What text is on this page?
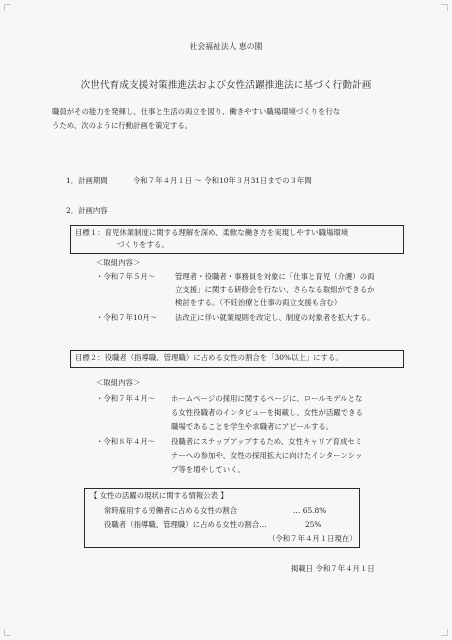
社会福祉法人 恵の園
次世代育成支援対策推進法および女性活躍推進法に基づく行動計画
職員がその能力を発揮し、仕事と生活の両立を図り、働きやすい職場環境づくりを行な
うため、次のように行動計画を策定する。
1．計画期間	令和７年４月１日 ～ 令和10年３月31日までの３年間
2．計画内容
目標１：育児休業制度に関する理解を深め、柔軟な働き方を実現しやすい職場環境
づくりをする。
＜取組内容＞
・令和７年５月～	管理者・役職者・事務員を対象に「仕事と育児（介護）の両
立支援」に関する研修会を行ない、さらなる取組ができるか
検討をする。（不妊治療と仕事の両立支援も含む）
・令和７年10月～ 法改正に伴い就業規則を改定し、制度の対象者を拡大する。
目標２：役職者（指導職、管理職）に占める女性の割合を「30%以上」にする。
＜取組内容＞
・令和７年４月～ ホームページの採用に関するページに、ロールモデルとな
る女性役職者のインタビューを掲載し、女性が活躍できる
職場であることを学生や求職者にアピールする。
・令和８年４月～ 役職者にステップアップするため、女性キャリア育成セミ
ナーへの参加や、女性の採用拡大に向けたインターンシッ
プ等を増やしていく。
【 女性の活躍の現状に関する情報公表 】
常時雇用する労働者に占める女性の割合	… 65.8%
役職者（指導職、管理職）に占める女性の割合…	25%
（令和７年４月１日現在）
掲載日 令和７年４月１日
